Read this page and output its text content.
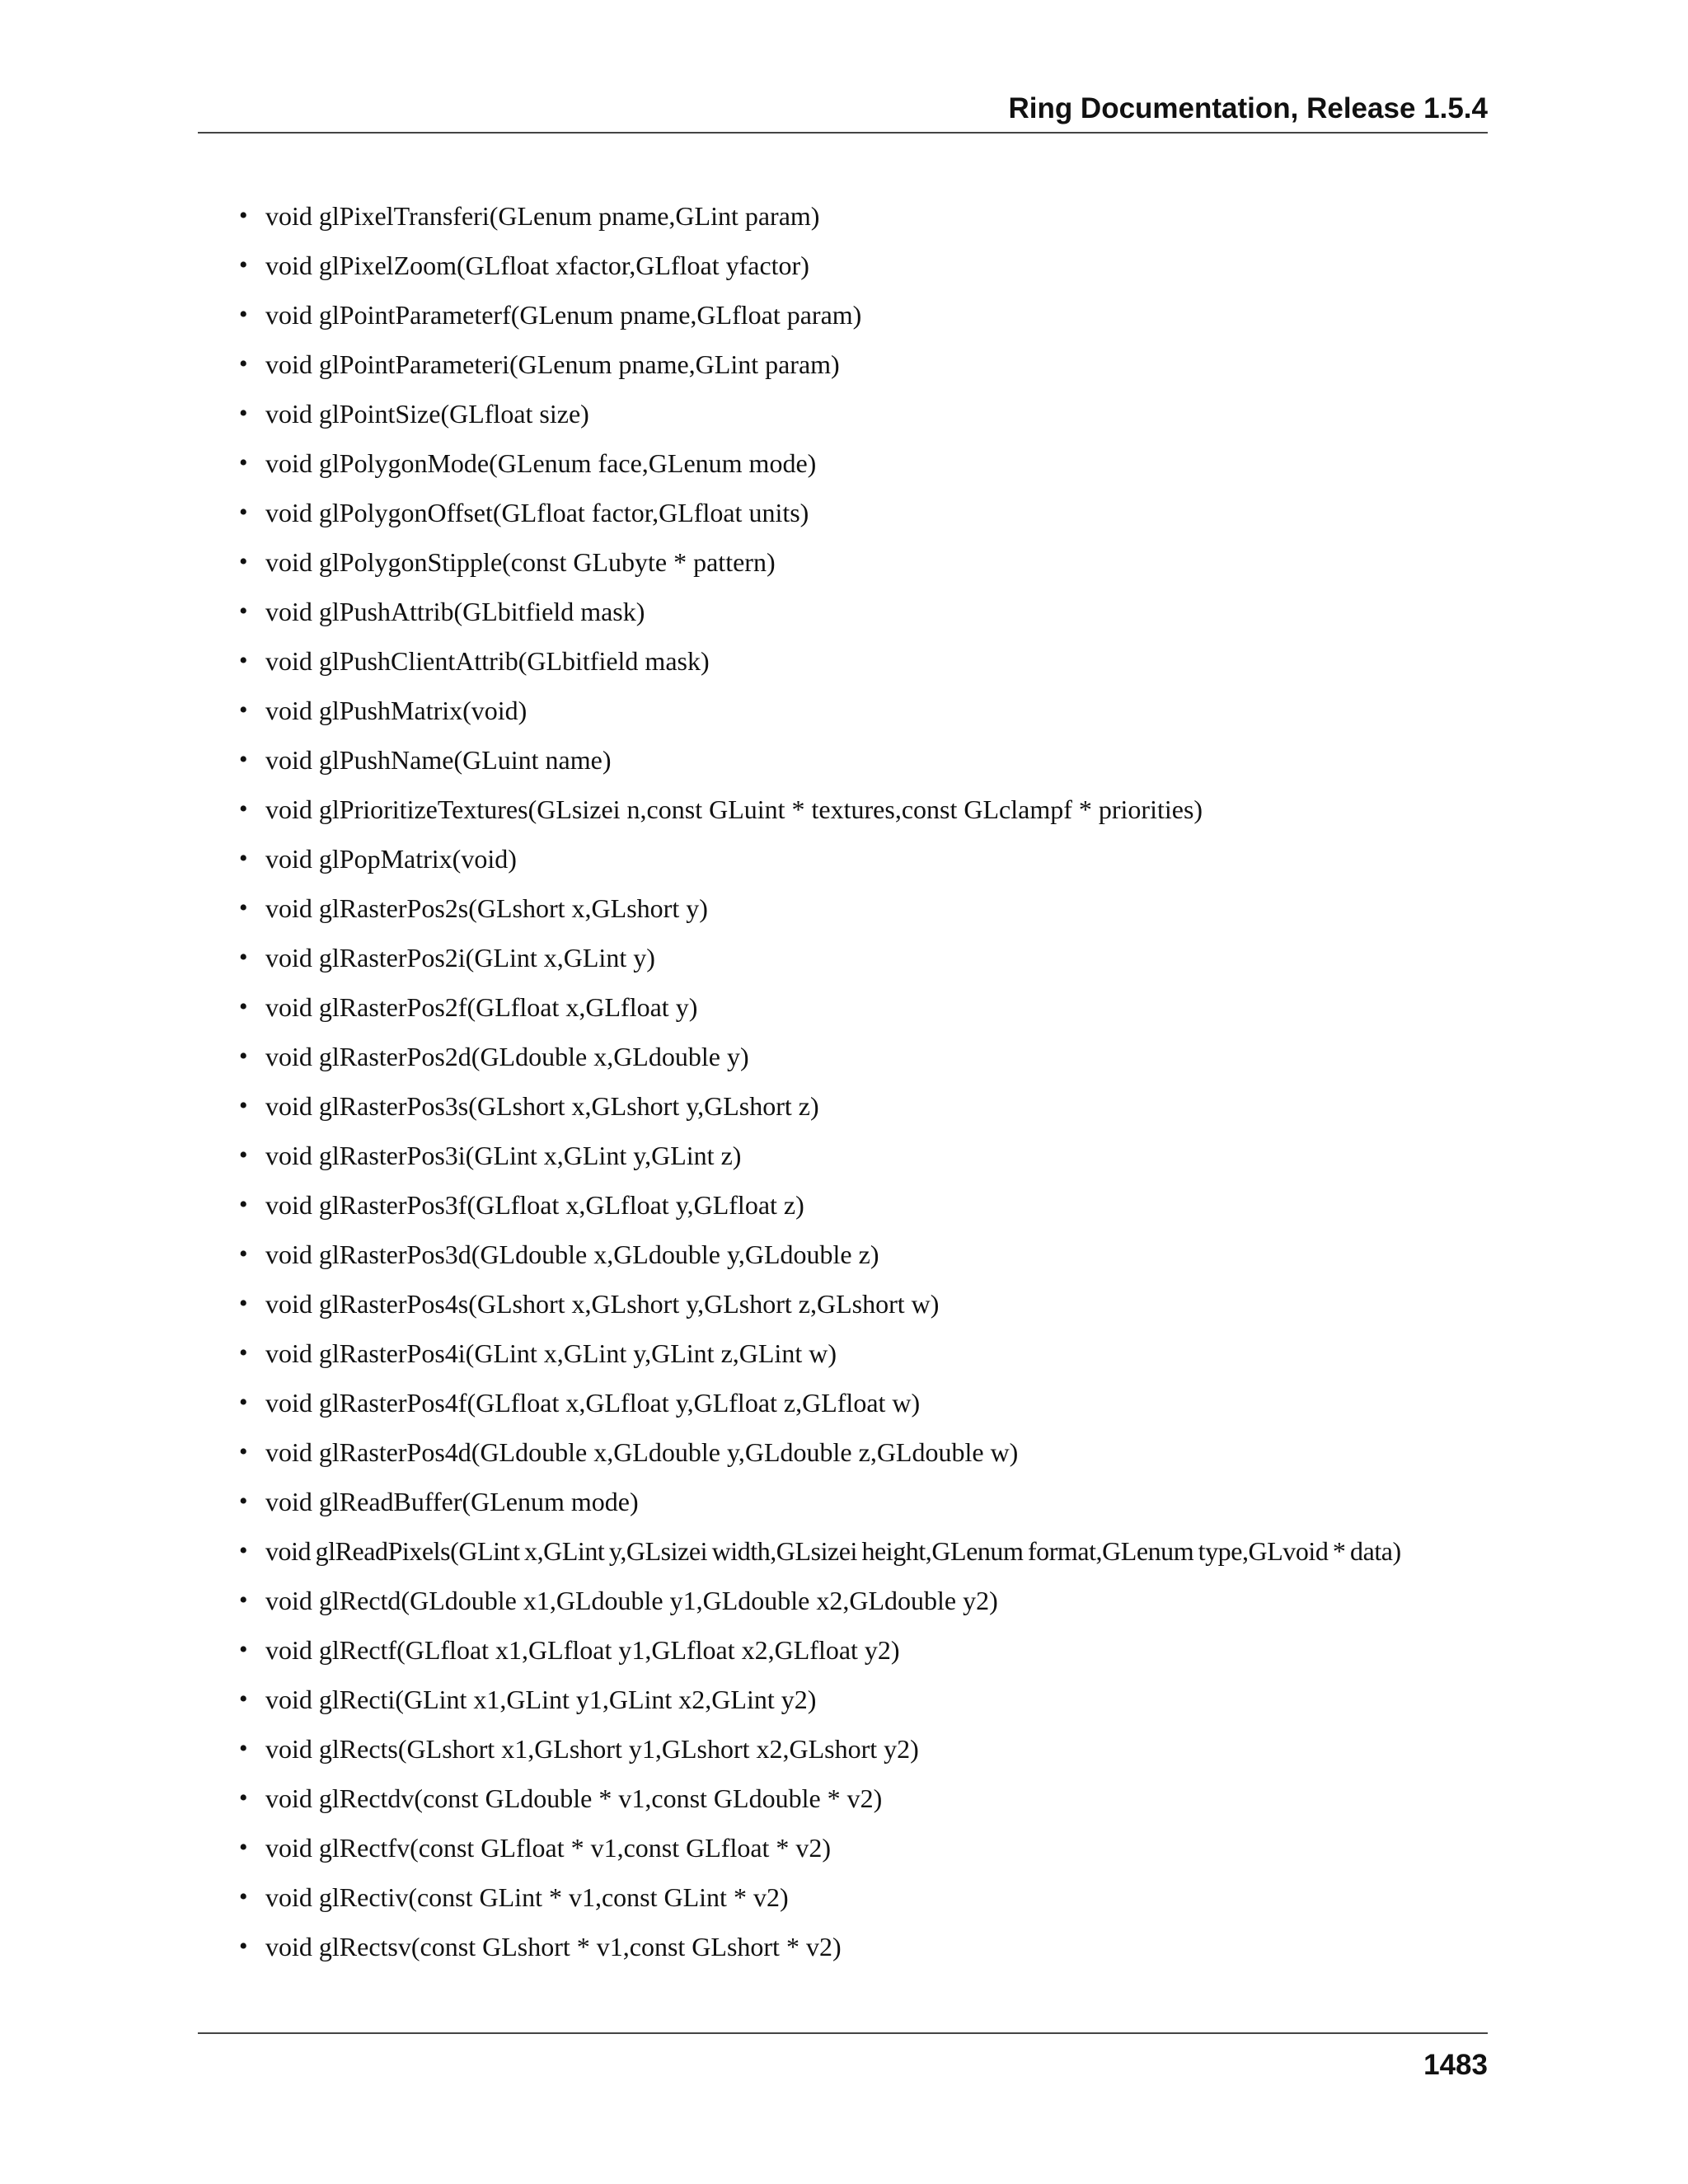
Ring Documentation, Release 1.5.4
• void glPixelTransferi(GLenum pname,GLint param)
• void glPixelZoom(GLfloat xfactor,GLfloat yfactor)
• void glPointParameterf(GLenum pname,GLfloat param)
• void glPointParameteri(GLenum pname,GLint param)
• void glPointSize(GLfloat size)
• void glPolygonMode(GLenum face,GLenum mode)
• void glPolygonOffset(GLfloat factor,GLfloat units)
• void glPolygonStipple(const GLubyte * pattern)
• void glPushAttrib(GLbitfield mask)
• void glPushClientAttrib(GLbitfield mask)
• void glPushMatrix(void)
• void glPushName(GLuint name)
• void glPrioritizeTextures(GLsizei n,const GLuint * textures,const GLclampf * priorities)
• void glPopMatrix(void)
• void glRasterPos2s(GLshort x,GLshort y)
• void glRasterPos2i(GLint x,GLint y)
• void glRasterPos2f(GLfloat x,GLfloat y)
• void glRasterPos2d(GLdouble x,GLdouble y)
• void glRasterPos3s(GLshort x,GLshort y,GLshort z)
• void glRasterPos3i(GLint x,GLint y,GLint z)
• void glRasterPos3f(GLfloat x,GLfloat y,GLfloat z)
• void glRasterPos3d(GLdouble x,GLdouble y,GLdouble z)
• void glRasterPos4s(GLshort x,GLshort y,GLshort z,GLshort w)
• void glRasterPos4i(GLint x,GLint y,GLint z,GLint w)
• void glRasterPos4f(GLfloat x,GLfloat y,GLfloat z,GLfloat w)
• void glRasterPos4d(GLdouble x,GLdouble y,GLdouble z,GLdouble w)
• void glReadBuffer(GLenum mode)
• void glReadPixels(GLint x,GLint y,GLsizei width,GLsizei height,GLenum format,GLenum type,GLvoid * data)
• void glRectd(GLdouble x1,GLdouble y1,GLdouble x2,GLdouble y2)
• void glRectf(GLfloat x1,GLfloat y1,GLfloat x2,GLfloat y2)
• void glRecti(GLint x1,GLint y1,GLint x2,GLint y2)
• void glRects(GLshort x1,GLshort y1,GLshort x2,GLshort y2)
• void glRectdv(const GLdouble * v1,const GLdouble * v2)
• void glRectfv(const GLfloat * v1,const GLfloat * v2)
• void glRectiv(const GLint * v1,const GLint * v2)
• void glRectsv(const GLshort * v1,const GLshort * v2)
1483
